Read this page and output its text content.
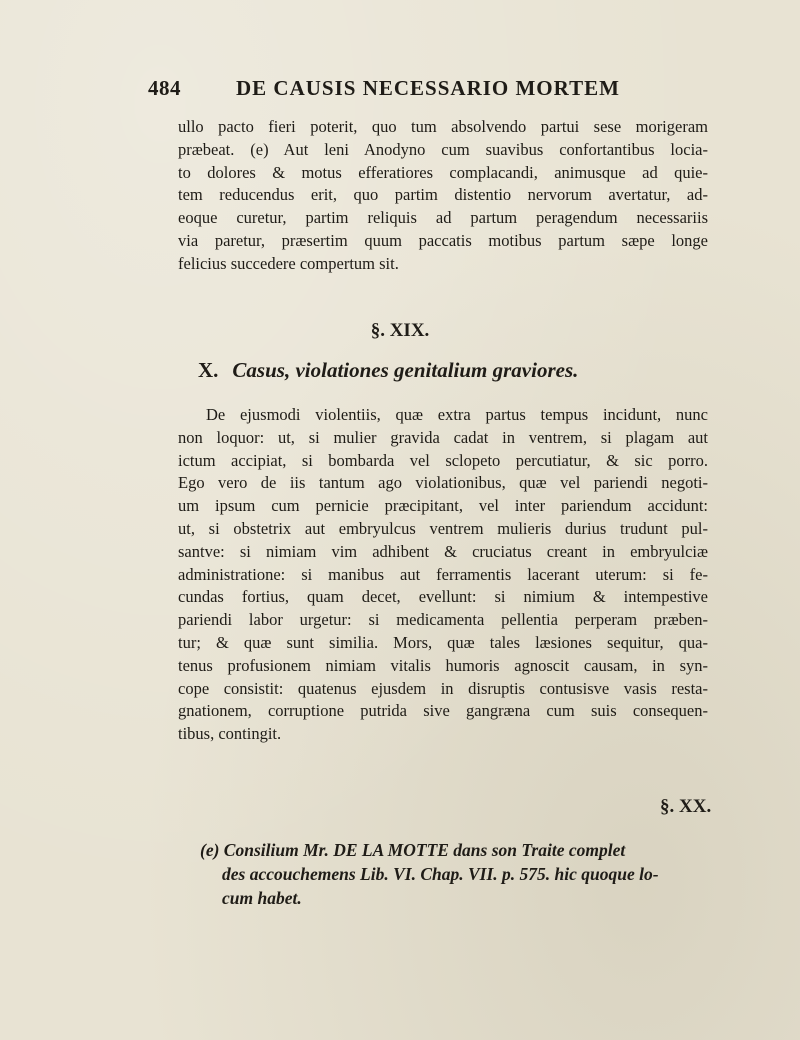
484	DE CAUSIS NECESSARIO MORTEM
ullo pacto fieri poterit, quo tum absolvendo partui sese morigeram
præbeat. (e) Aut leni Anodyno cum suavibus confortantibus locia-
to dolores & motus efferatiores complacandi, animusque ad quie-
tem reducendus erit, quo partim distentio nervorum avertatur, ad-
eoque curetur, partim reliquis ad partum peragendum necessariis
via paretur, præsertim quum paccatis motibus partum sæpe longe
felicius succedere compertum sit.
§. XIX.
X. Casus, violationes genitalium graviores.
De ejusmodi violentiis, quæ extra partus tempus incidunt, nunc
non loquor: ut, si mulier gravida cadat in ventrem, si plagam aut
ictum accipiat, si bombarda vel sclopeto percutiatur, & sic porro.
Ego vero de iis tantum ago violationibus, quæ vel pariendi negoti-
um ipsum cum pernicie præcipitant, vel inter pariendum accidunt:
ut, si obstetrix aut embryulcus ventrem mulieris durius trudunt pul-
santve: si nimiam vim adhibent & cruciatus creant in embryulciæ
administratione: si manibus aut ferramentis lacerant uterum: si fe-
cundas fortius, quam decet, evellunt: si nimium & intempestive
pariendi labor urgetur: si medicamenta pellentia perperam præben-
tur; & quæ sunt similia. Mors, quæ tales læsiones sequitur, qua-
tenus profusionem nimiam vitalis humoris agnoscit causam, in syn-
cope consistit: quatenus ejusdem in disruptis contusisve vasis resta-
gnationem, corruptione putrida sive gangræna cum suis consequen-
tibus, contingit.
§. XX.
(e) Consilium Mr. DE LA MOTTE dans son Traite complet
des accouchemens Lib. VI. Chap. VII. p. 575. hic quoque lo-
cum habet.
